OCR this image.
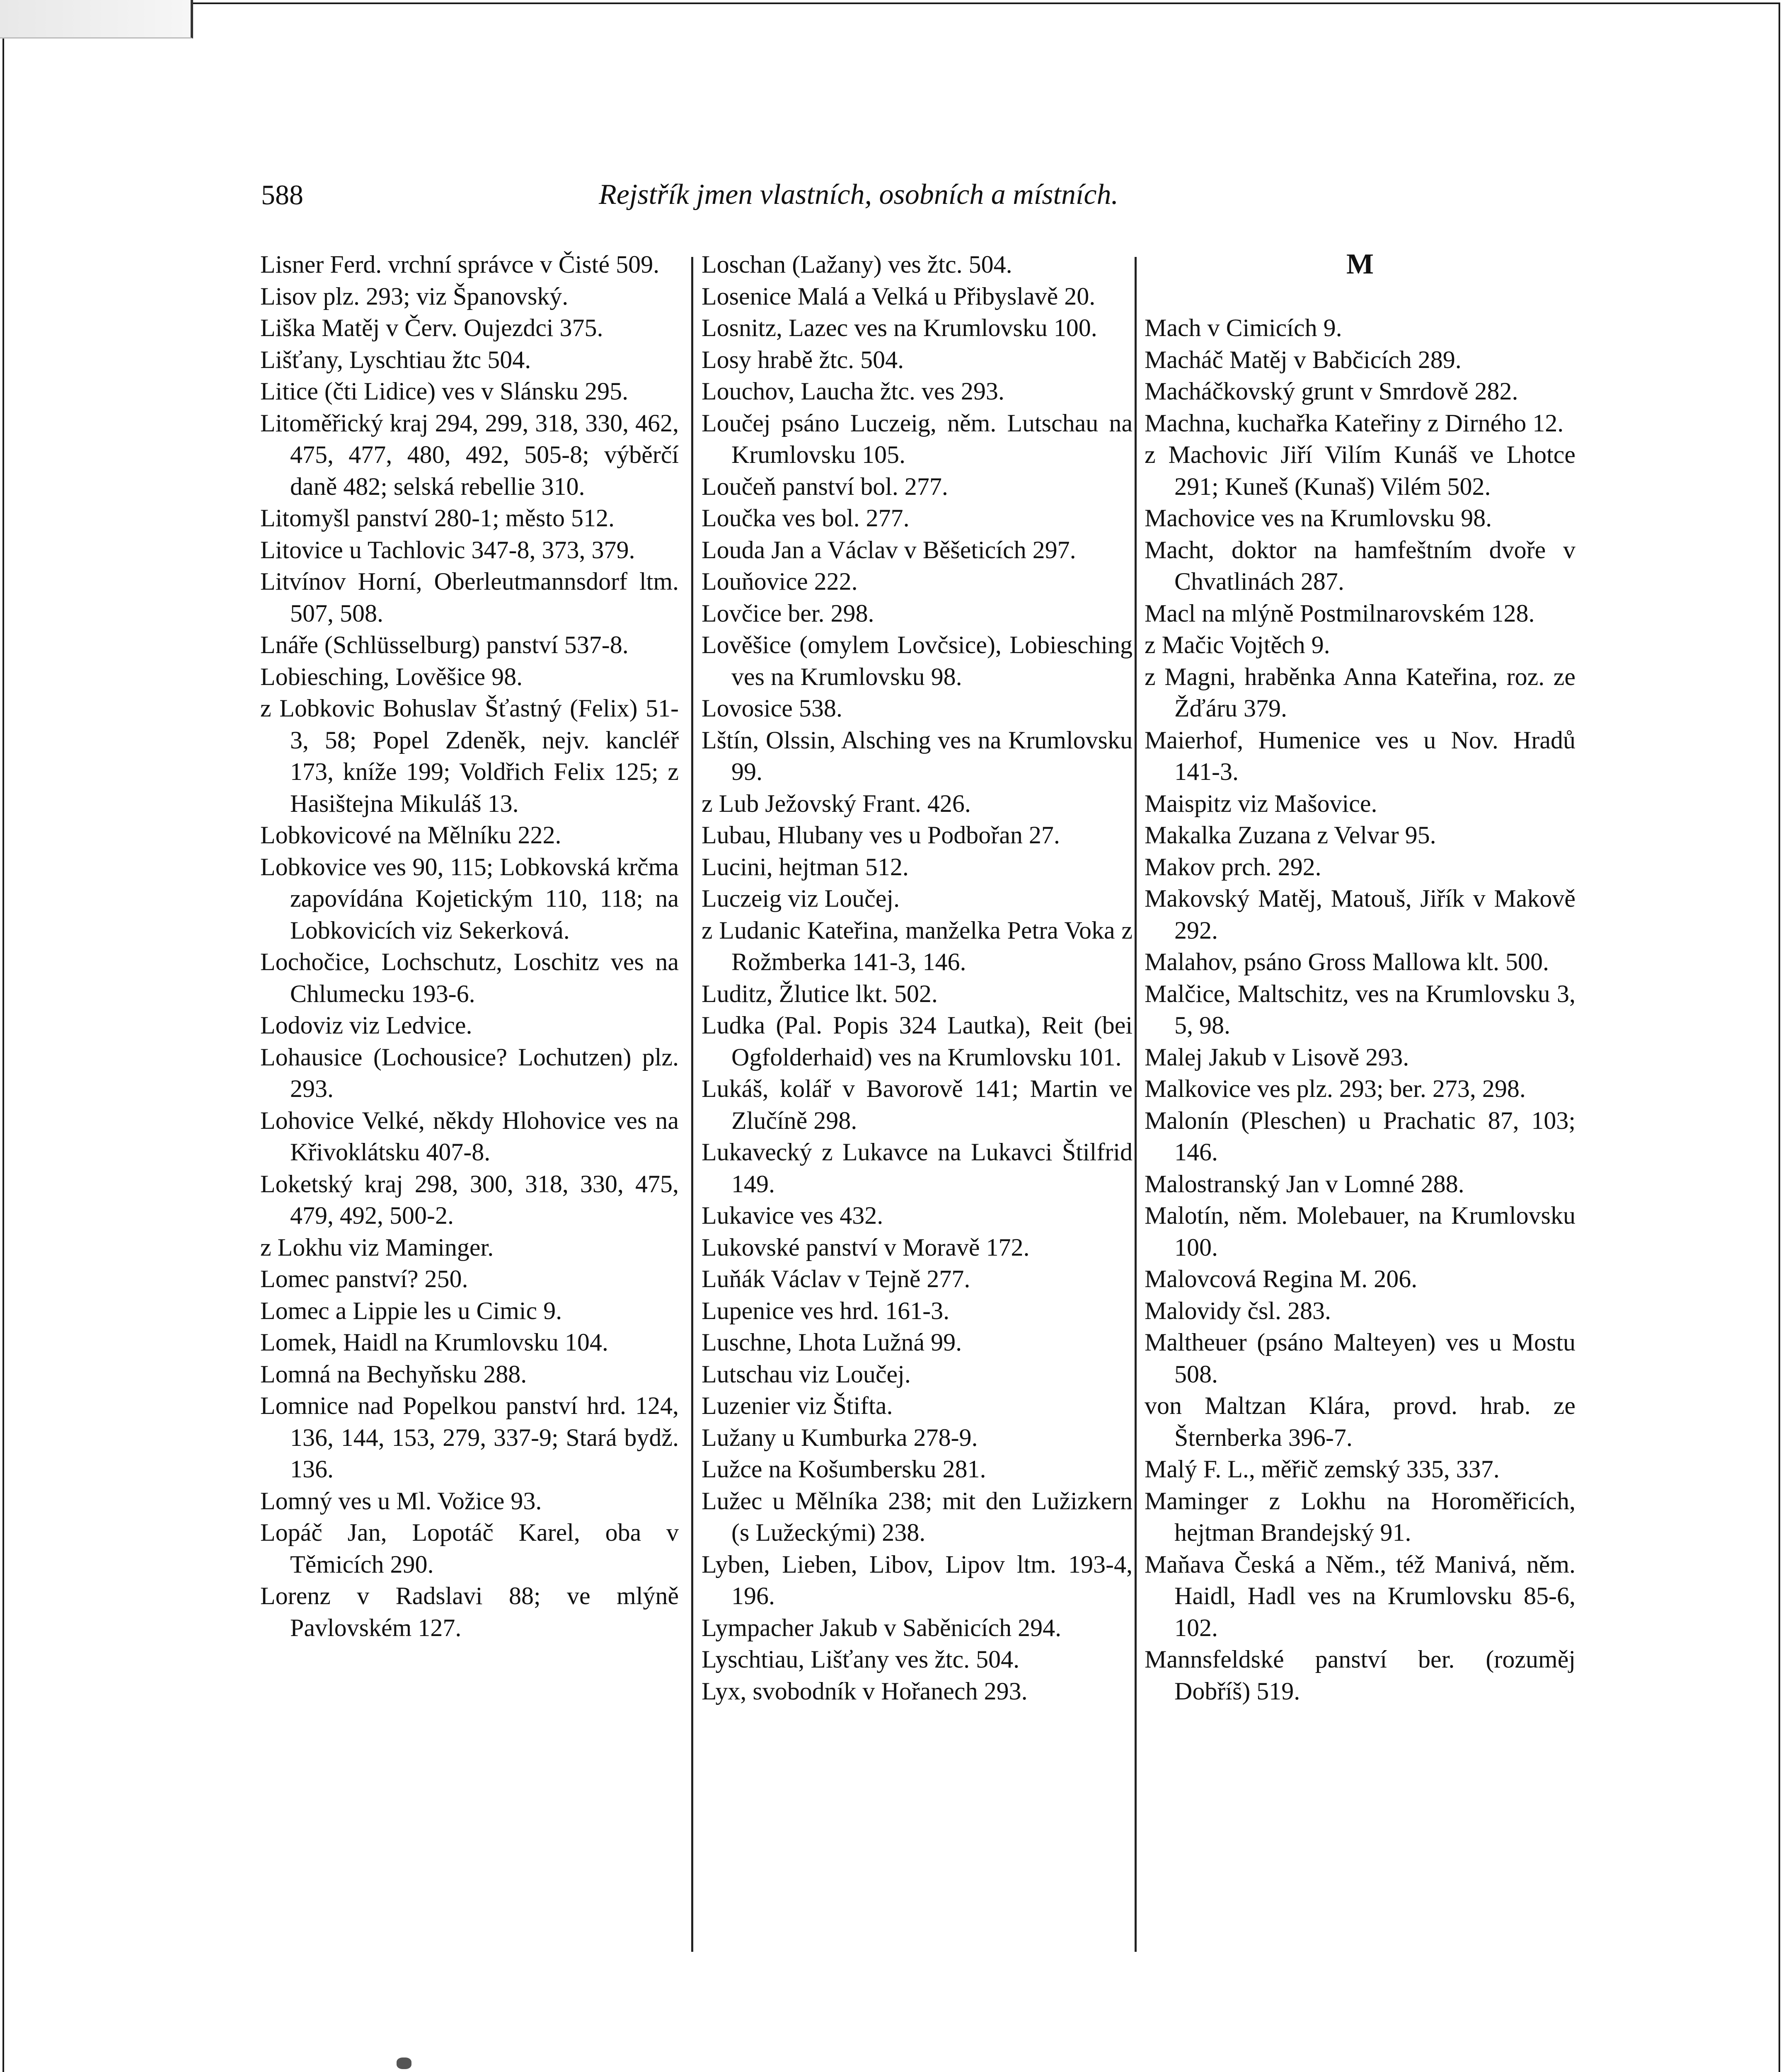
588	Rejstřík jmen vlastních, osobních a místních.

Lisner Ferd. vrchní správce v Čisté 509.

Lisov plz. 293; viz Španovský.

Liška Matěj v Červ. Oujezdci 375.

Lišťany, Lyschtiau žtc 504.

Litice (čti Lidice) ves v Slánsku 295.

Litoměřický kraj 294, 299, 318, 330, 462, 475, 477, 480, 492, 505-8; výběrčí daně 482; selská rebellie 310.

Litomyšl panství 280-1; město 512.

Litovice u Tachlovic 347-8, 373, 379.

Litvínov Horní, Oberleutmannsdorf ltm. 507, 508.

Lnáře (Schlüsselburg) panství 537-8.

Lobiesching, Lověšice 98.

z Lobkovic Bohuslav Šťastný (Felix) 51-3, 58; Popel Zdeněk, nejv. kancléř 173, kníže 199; Voldřich Felix 125; z Hasištejna Mikuláš 13.

Lobkovicové na Mělníku 222.

Lobkovice ves 90, 115; Lobkovská krčma zapovídána Kojetickým 110, 118; na Lobkovicích viz Sekerková.

Lochočice, Lochschutz, Loschitz ves na Chlumecku 193-6.

Lodoviz viz Ledvice.

Lohausice (Lochousice? Lochutzen) plz. 293.

Lohovice Velké, někdy Hlohovice ves na Křivoklátsku 407-8.

Loketský kraj 298, 300, 318, 330, 475, 479, 492, 500-2.

z Lokhu viz Maminger.

Lomec panství? 250.

Lomec a Lippie les u Cimic 9.

Lomek, Haidl na Krumlovsku 104.

Lomná na Bechyňsku 288.

Lomnice nad Popelkou panství hrd. 124, 136, 144, 153, 279, 337-9; Stará bydž. 136.

Lomný ves u Ml. Vožice 93.

Lopáč Jan, Lopotáč Karel, oba v Těmicích 290.

Lorenz v Radslavi 88; ve mlýně Pavlovském 127.

Loschan (Lažany) ves žtc. 504.

Losenice Malá a Velká u Přibyslavě 20.

Losnitz, Lazec ves na Krumlovsku 100.

Losy hrabě žtc. 504.

Louchov, Laucha žtc. ves 293.

Loučej psáno Luczeig, něm. Lutschau na Krumlovsku 105.

Loučeň panství bol. 277.

Loučka ves bol. 277.

Louda Jan a Václav v Běšeticích 297.

Louňovice 222.

Lovčice ber. 298.

Lověšice (omylem Lovčsice), Lobiesching ves na Krumlovsku 98.

Lovosice 538.

Lštín, Olssin, Alsching ves na Krumlovsku 99.

z Lub Ježovský Frant. 426.

Lubau, Hlubany ves u Podbořan 27.

Lucini, hejtman 512.

Luczeig viz Loučej.

z Ludanic Kateřina, manželka Petra Voka z Rožmberka 141-3, 146.

Luditz, Žlutice lkt. 502.

Ludka (Pal. Popis 324 Lautka), Reit (bei Ogfolderhaid) ves na Krumlovsku 101.

Lukáš, kolář v Bavorově 141; Martin ve Zlučíně 298.

Lukavecký z Lukavce na Lukavci Štilfrid 149.

Lukavice ves 432.

Lukovské panství v Moravě 172.

Luňák Václav v Tejně 277.

Lupenice ves hrd. 161-3.

Luschne, Lhota Lužná 99.

Lutschau viz Loučej.

Luzenier viz Štifta.

Lužany u Kumburka 278-9.

Lužce na Košumbersku 281.

Lužec u Mělníka 238; mit den Lužizkern (s Lužeckými) 238.

Lyben, Lieben, Libov, Lipov ltm. 193-4, 196.

Lympacher Jakub v Saběnicích 294.

Lyschtiau, Lišťany ves žtc. 504.

Lyx, svobodník v Hořanech 293.

M

Mach v Cimicích 9.

Macháč Matěj v Babčicích 289.

Macháčkovský grunt v Smrdově 282.

Machna, kuchařka Kateřiny z Dirného 12.

z Machovic Jiří Vilím Kunáš ve Lhotce 291; Kuneš (Kunaš) Vilém 502.

Machovice ves na Krumlovsku 98.

Macht, doktor na hamfeštním dvoře v Chvatlinách 287.

Macl na mlýně Postmilnarovském 128.

z Mačic Vojtěch 9.

z Magni, hraběnka Anna Kateřina, roz. ze Žďáru 379.

Maierhof, Humenice ves u Nov. Hradů 141-3.

Maispitz viz Mašovice.

Makalka Zuzana z Velvar 95.

Makov prch. 292.

Makovský Matěj, Matouš, Jiřík v Makově 292.

Malahov, psáno Gross Mallowa klt. 500.

Malčice, Maltschitz, ves na Krumlovsku 3, 5, 98.

Malej Jakub v Lisově 293.

Malkovice ves plz. 293; ber. 273, 298.

Malonín (Pleschen) u Prachatic 87, 103; 146.

Malostranský Jan v Lomné 288.

Malotín, něm. Molebauer, na Krumlovsku 100.

Malovcová Regina M. 206.

Malovidy čsl. 283.

Maltheuer (psáno Malteyen) ves u Mostu 508.

von Maltzan Klára, provd. hrab. ze Šternberka 396-7.

Malý F. L., měřič zemský 335, 337.

Maminger z Lokhu na Horoměřicích, hejtman Brandejský 91.

Maňava Česká a Něm., též Manivá, něm. Haidl, Hadl ves na Krumlovsku 85-6, 102.

Mannsfeldské panství ber. (rozuměj Dobříš) 519.
